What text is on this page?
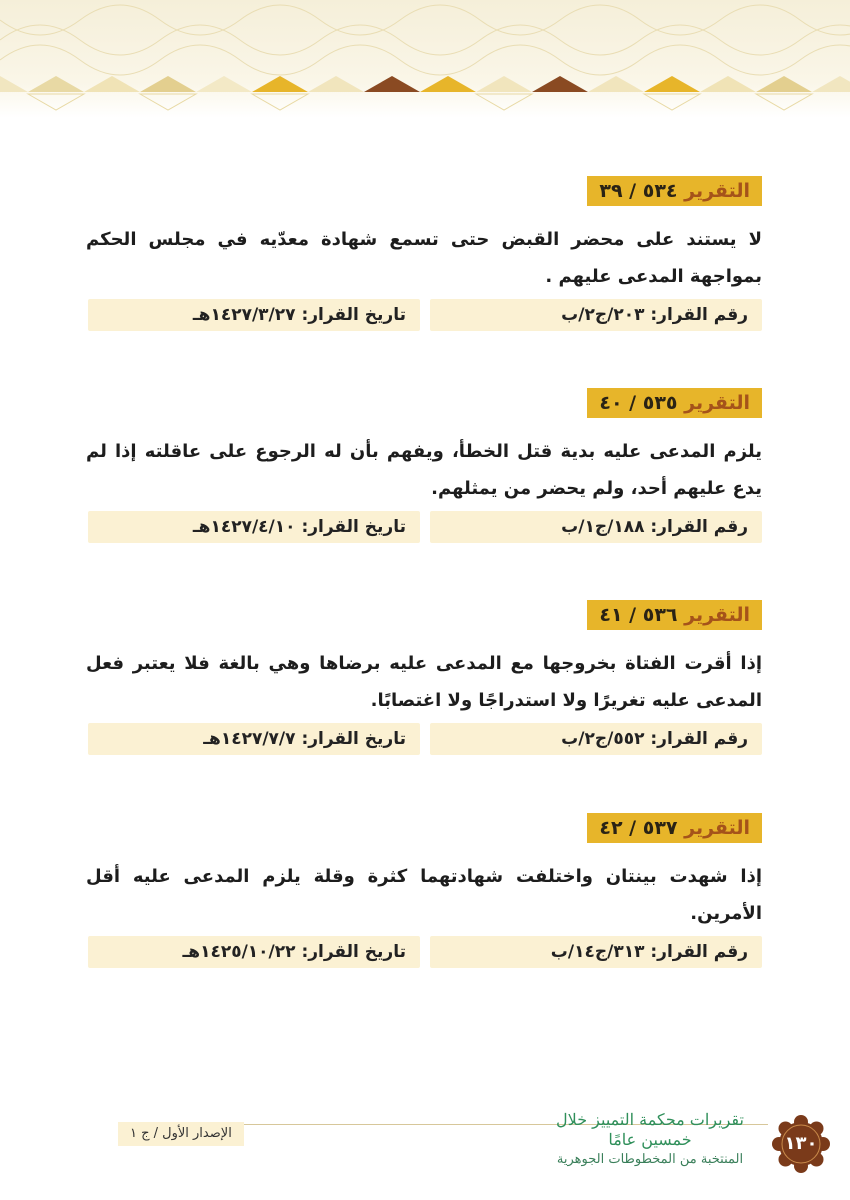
التقرير ٥٣٤ / ٣٩
لا يستند على محضر القبض حتى تسمع شهادة معدّيه في مجلس الحكم بمواجهة المدعى عليهم .
رقم القرار: ٢٠٣/ج٢/ب
تاريخ القرار: ١٤٢٧/٣/٢٧هـ
التقرير ٥٣٥ / ٤٠
يلزم المدعى عليه بدية قتل الخطأ، ويفهم بأن له الرجوع على عاقلته إذا لم يدع عليهم أحد، ولم يحضر من يمثلهم.
رقم القرار: ١٨٨/ج١/ب
تاريخ القرار: ١٤٢٧/٤/١٠هـ
التقرير ٥٣٦ / ٤١
إذا أقرت الفتاة بخروجها مع المدعى عليه برضاها وهي بالغة فلا يعتبر فعل المدعى عليه تغريرًا ولا استدراجًا ولا اغتصابًا.
رقم القرار: ٥٥٢/ج٢/ب
تاريخ القرار: ١٤٢٧/٧/٧هـ
التقرير ٥٣٧ / ٤٢
إذا شهدت بينتان واختلفت شهادتهما كثرة وقلة يلزم المدعى عليه أقل الأمرين.
رقم القرار: ٣١٣/ج١٤/ب
تاريخ القرار: ١٤٢٥/١٠/٢٢هـ
الإصدار الأول / ج ١
تقريرات محكمة التمييز خلال خمسين عامًا
المنتخبة من المخطوطات الجوهرية
١٣٠
